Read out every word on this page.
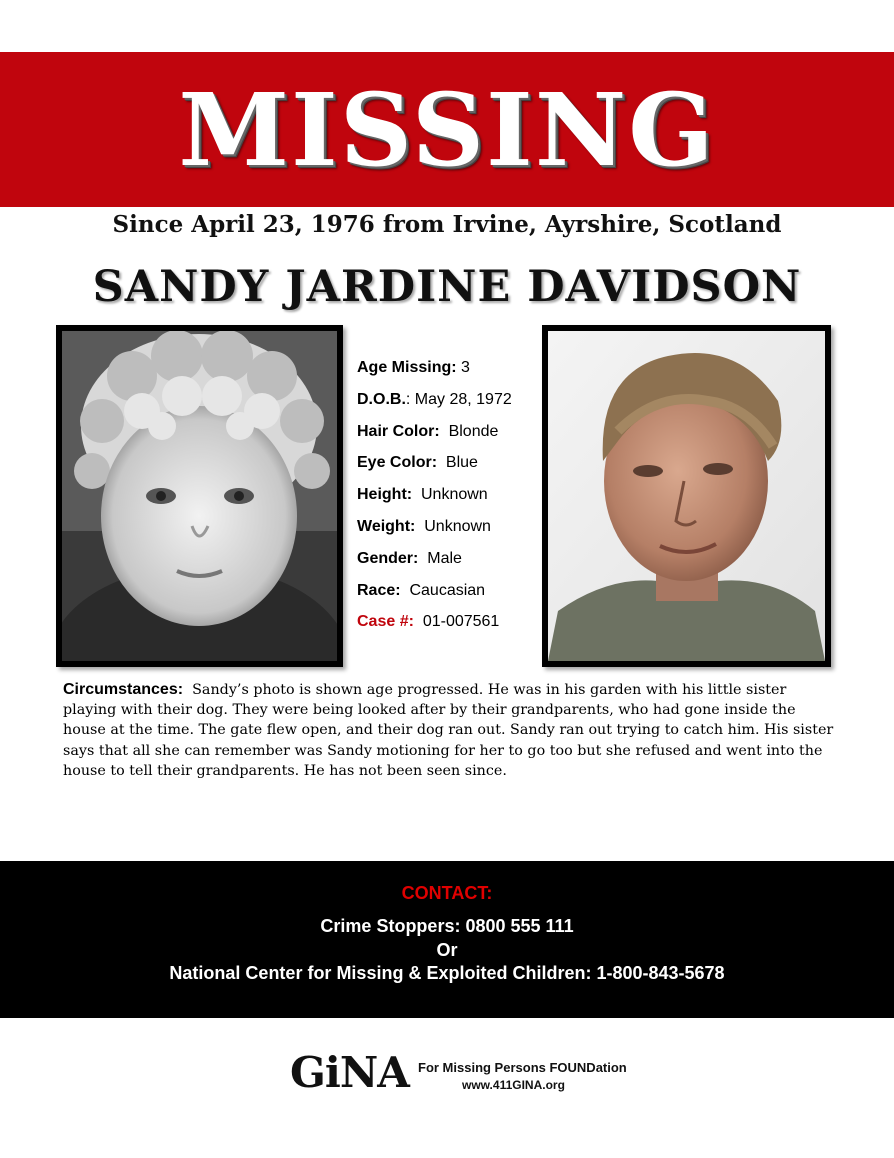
MISSING
Since April 23, 1976 from Irvine, Ayrshire, Scotland
SANDY JARDINE DAVIDSON
Age Missing: 3
D.O.B.: May 28, 1972
Hair Color:  Blonde
Eye Color:  Blue
Height:  Unknown
Weight:  Unknown
Gender:  Male
Race:  Caucasian
Case #:  01-007561
Circumstances: Sandy’s photo is shown age progressed. He was in his garden with his little sister playing with their dog. They were being looked after by their grandparents, who had gone inside the house at the time. The gate flew open, and their dog ran out. Sandy ran out trying to catch him. His sister says that all she can remember was Sandy motioning for her to go too but she refused and went into the house to tell their grandparents. He has not been seen since.
CONTACT:
Crime Stoppers: 0800 555 111
Or
National Center for Missing & Exploited Children: 1-800-843-5678
GiNA For Missing Persons FOUNDation
www.411GINA.org
